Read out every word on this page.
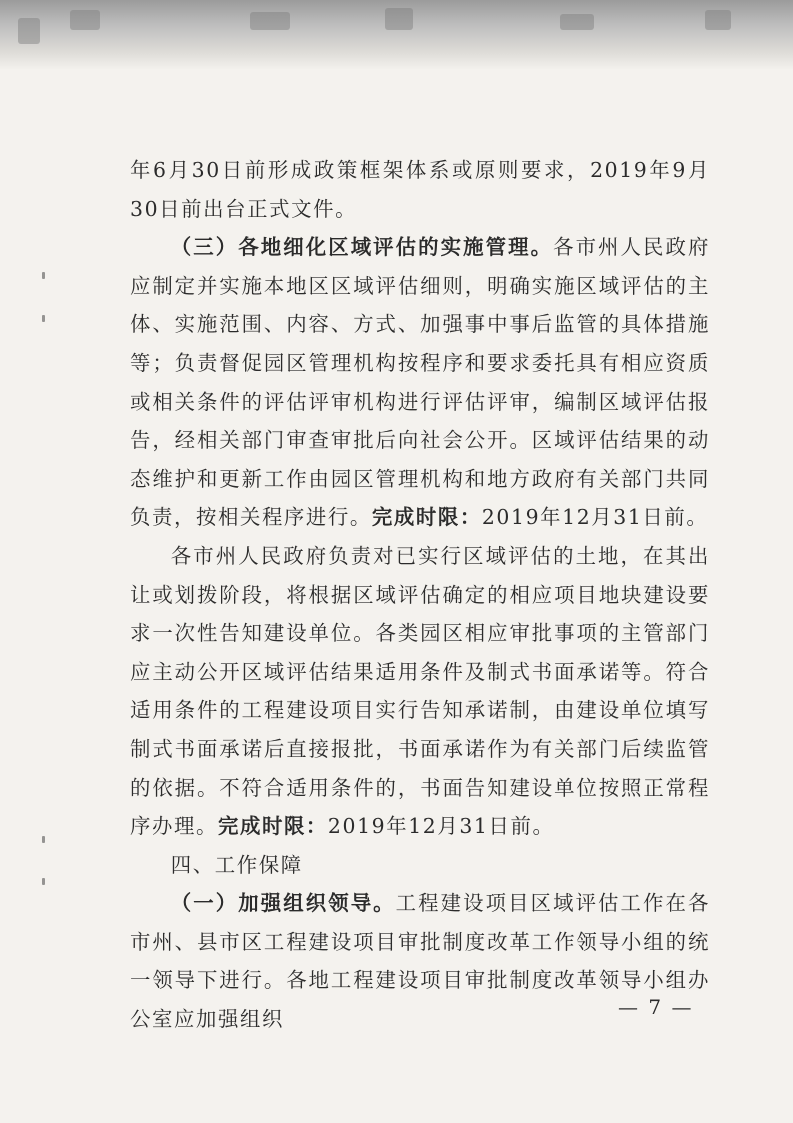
年6月30日前形成政策框架体系或原则要求，2019年9月30日前出台正式文件。

（三）各地细化区域评估的实施管理。各市州人民政府应制定并实施本地区区域评估细则，明确实施区域评估的主体、实施范围、内容、方式、加强事中事后监管的具体措施等；负责督促园区管理机构按程序和要求委托具有相应资质或相关条件的评估评审机构进行评估评审，编制区域评估报告，经相关部门审查审批后向社会公开。区域评估结果的动态维护和更新工作由园区管理机构和地方政府有关部门共同负责，按相关程序进行。完成时限：2019年12月31日前。

各市州人民政府负责对已实行区域评估的土地，在其出让或划拨阶段，将根据区域评估确定的相应项目地块建设要求一次性告知建设单位。各类园区相应审批事项的主管部门应主动公开区域评估结果适用条件及制式书面承诺等。符合适用条件的工程建设项目实行告知承诺制，由建设单位填写制式书面承诺后直接报批，书面承诺作为有关部门后续监管的依据。不符合适用条件的，书面告知建设单位按照正常程序办理。完成时限：2019年12月31日前。

四、工作保障

（一）加强组织领导。工程建设项目区域评估工作在各市州、县市区工程建设项目审批制度改革工作领导小组的统一领导下进行。各地工程建设项目审批制度改革领导小组办公室应加强组织

— 7 —
